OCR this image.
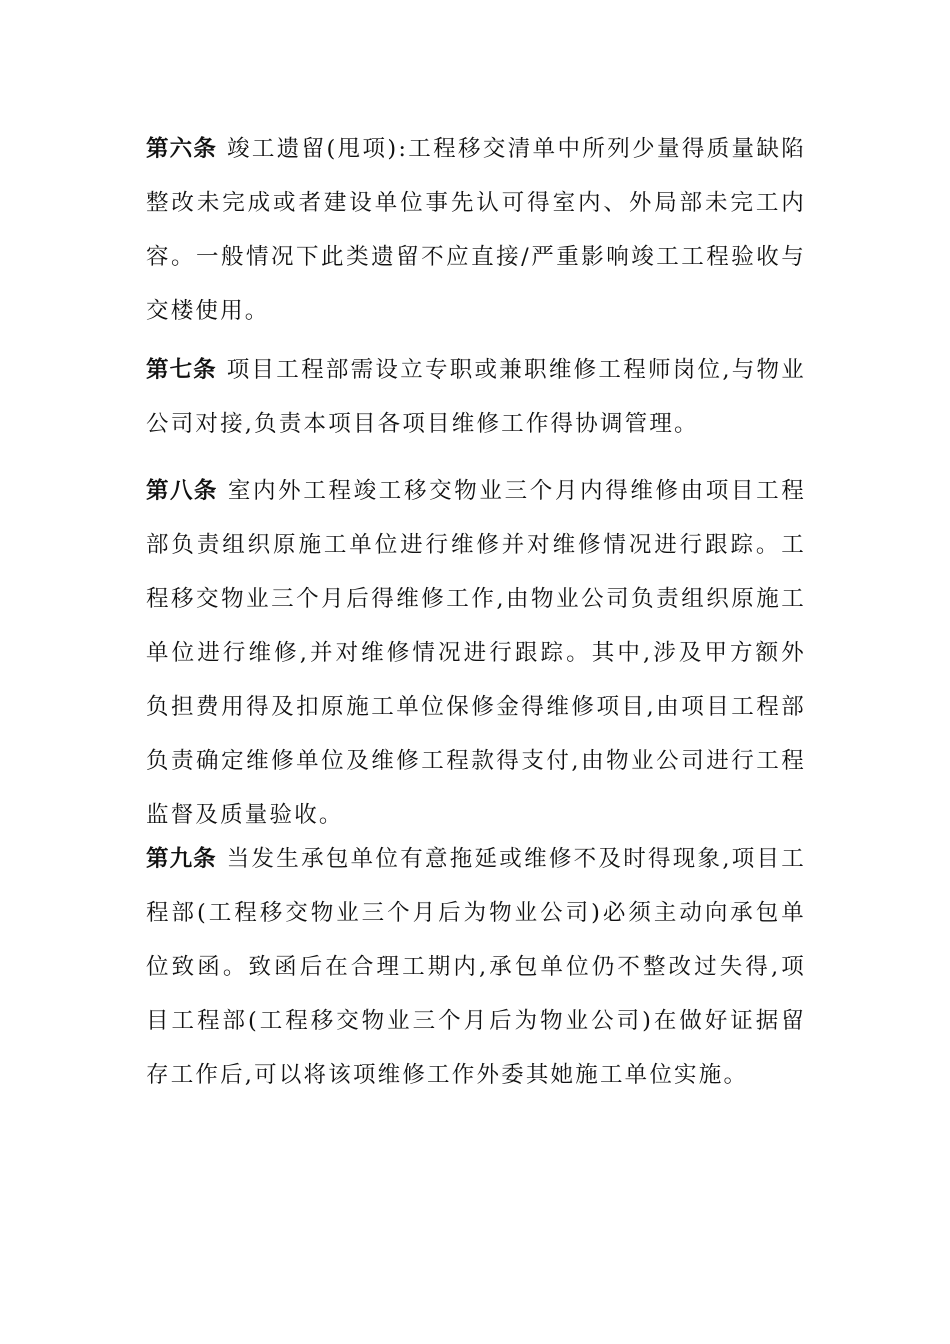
第六条 竣工遗留(甩项):工程移交清单中所列少量得质量缺陷整改未完成或者建设单位事先认可得室内、外局部未完工内容。一般情况下此类遗留不应直接/严重影响竣工工程验收与交楼使用。

第七条 项目工程部需设立专职或兼职维修工程师岗位,与物业公司对接,负责本项目各项目维修工作得协调管理。

第八条 室内外工程竣工移交物业三个月内得维修由项目工程部负责组织原施工单位进行维修并对维修情况进行跟踪。工程移交物业三个月后得维修工作,由物业公司负责组织原施工单位进行维修,并对维修情况进行跟踪。其中,涉及甲方额外负担费用得及扣原施工单位保修金得维修项目,由项目工程部负责确定维修单位及维修工程款得支付,由物业公司进行工程监督及质量验收。

第九条 当发生承包单位有意拖延或维修不及时得现象,项目工程部(工程移交物业三个月后为物业公司)必须主动向承包单位致函。致函后在合理工期内,承包单位仍不整改过失得,项目工程部(工程移交物业三个月后为物业公司)在做好证据留存工作后,可以将该项维修工作外委其她施工单位实施。
